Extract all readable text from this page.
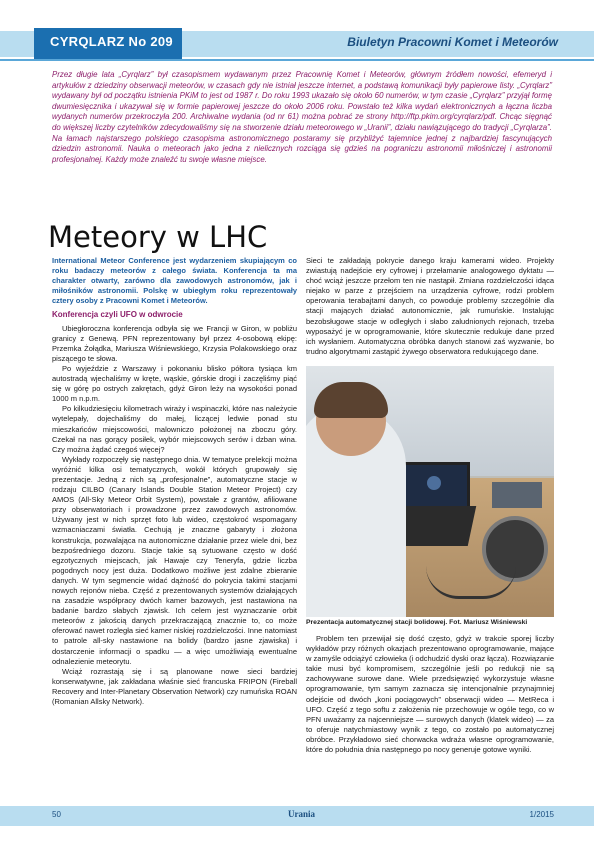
CYRQLARZ No 209	Biuletyn Pracowni Komet i Meteorów

Przez długie lata „Cyrqlarz” był czasopismem wydawanym przez Pracownię Komet i Meteorów, głównym źródłem nowości, efemeryd i artykułów z dziedziny obserwacji meteorów, w czasach gdy nie istniał jeszcze internet, a podstawą komunikacji były papierowe listy. „Cyrqlarz” wydawany był od początku istnienia PKiM to jest od 1987 r. Do roku 1993 ukazało się około 60 numerów, w tym czasie „Cyrqlarz” przyjął formę dwumiesięcznika i ukazywał się w formie papierowej jeszcze do około 2006 roku. Powstało też kilka wydań elektronicznych a łączna liczba wydanych numerów przekroczyła 200. Archiwalne wydania (od nr 61) można pobrać ze strony http://ftp.pkim.org/cyrqlarz/pdf. Chcąc sięgnąć do większej liczby czytelników zdecydowaliśmy się na stworzenie działu meteorowego w „Uranii”, działu nawiązującego do tradycji „Cyrqlarza”. Na łamach najstarszego polskiego czasopisma astronomicznego postaramy się przybliżyć tajemnice jednej z najbardziej fascynujących dziedzin astronomii. Nauka o meteorach jako jedna z nielicznych rozciąga się gdzieś na pograniczu astronomii miłośniczej i astronomii profesjonalnej. Każdy może znaleźć tu swoje własne miejsce.

Meteory w LHC

International Meteor Conference jest wydarzeniem skupiającym co roku badaczy meteorów z całego świata. Konferencja ta ma charakter otwarty, zarówno dla zawodowych astronomów, jak i miłośników astronomii. Polskę w ubiegłym roku reprezentowały cztery osoby z Pracowni Komet i Meteorów.

Konferencja czyli UFO w odwrocie

Ubiegłoroczna konferencja odbyła się we Francji w Giron, w pobliżu granicy z Genewą. PFN reprezentowany był przez 4-osobową ekipę: Przemka Żołądka, Mariusza Wiśniewskiego, Krzysia Polakowskiego oraz piszącego te słowa.

Po wyjeździe z Warszawy i pokonaniu blisko półtora tysiąca km autostradą wjechaliśmy w kręte, wąskie, górskie drogi i zaczęliśmy piąć się w górę po ostrych zakrętach, gdyż Giron leży na wysokości ponad 1000 m n.p.m.

Po kilkudziesięciu kilometrach wiraży i wspinaczki, które nas należycie wytelepały, dojechaliśmy do małej, liczącej ledwie ponad stu mieszkańców miejscowości, malowniczo położonej na zboczu góry. Czekał na nas gorący posiłek, wybór miejscowych serów i dzban wina. Czy można żądać czegoś więcej?

Wykłady rozpoczęły się następnego dnia. W tematyce prelekcji można wyróżnić kilka osi tematycznych, wokół których grupowały się prezentacje. Jedną z nich są „profesjonalne”, automatyczne stacje w rodzaju CILBO (Canary Islands Double Station Meteor Project) czy AMOS (All-Sky Meteor Orbit System), powstałe z grantów, afiliowane przy obserwatoriach i prowadzone przez zawodowych astronomów. Używany jest w nich sprzęt foto lub wideo, częstokroć wspomagany wzmacniaczami światła. Cechują je znaczne gabaryty i złożona konstrukcja, pozwalająca na autonomiczne działanie przez wiele dni, bez bezpośredniego dozoru. Stacje takie są sytuowane często w dość egzotycznych miejscach, jak Hawaje czy Teneryfa, gdzie liczba pogodnych nocy jest duża. Dodatkowo możliwe jest zdalne zbieranie danych. W tym segmencie widać dążność do pokrycia takimi stacjami nowych rejonów nieba. Część z prezentowanych systemów działających na zasadzie współpracy dwóch kamer bazowych, jest nastawiona na badanie bardzo słabych zjawisk. Ich celem jest wyznaczanie orbit meteorów z jakością danych przekraczającą znacznie to, co może oferować nawet rozległa sieć kamer niskiej rozdzielczości. Inne natomiast to patrole all-sky nastawione na bolidy (bardzo jasne zjawiska) i dostarczenie informacji o spadku — a więc umożliwiają ewentualne odnalezienie meteorytu.

Wciąż rozrastają się i są planowane nowe sieci bardziej konserwatywne, jak zakładana właśnie sieć francuska FRIPON (Fireball Recovery and Inter-Planetary Observation Network) czy rumuńska ROAN (Romanian Allsky Network).

Sieci te zakładają pokrycie danego kraju kamerami wideo. Projekty zwiastują nadejście ery cyfrowej i przełamanie analogowego dyktatu — choć wciąż jeszcze przełom ten nie nastąpił. Zmiana rozdzielczości idąca niejako w parze z przejściem na urządzenia cyfrowe, rodzi problem operowania terabajtami danych, co powoduje problemy szczególnie dla stacji mających działać autonomicznie, jak rumuńskie. Instalując bezobsługowe stacje w odległych i słabo zaludnionych rejonach, trzeba wyposażyć je w oprogramowanie, które skutecznie redukuje dane przed ich wysłaniem. Automatyczna obróbka danych stanowi zaś wyzwanie, bo trudno algorytmami zastąpić żywego obserwatora redukującego dane.

Prezentacja automatycznej stacji bolidowej. Fot. Mariusz Wiśniewski

Problem ten przewijał się dość często, gdyż w trakcie sporej liczby wykładów przy różnych okazjach prezentowano oprogramowanie, mające w zamyśle odciążyć człowieka (i odchudzić dyski oraz łącza). Rozwiązanie takie musi być kompromisem, szczególnie jeśli po redukcji nie są zachowywane surowe dane. Wiele przedsięwzięć wykorzystuje własne oprogramowanie, tym samym zaznacza się intencjonalnie przynajmniej odejście od dwóch „koni pociągowych” obserwacji wideo — MetReca i UFO. Część z tego softu z założenia nie przechowuje w ogóle tego, co w PFN uważamy za najcenniejsze — surowych danych (klatek wideo) — za to oferuje natychmiastowy wynik z tego, co zostało po automatycznej obróbce. Przykładowo sieć chorwacka wdraża własne oprogramowanie, które do południa dnia następnego po nocy generuje gotowe wyniki.

50	Urania	1/2015
